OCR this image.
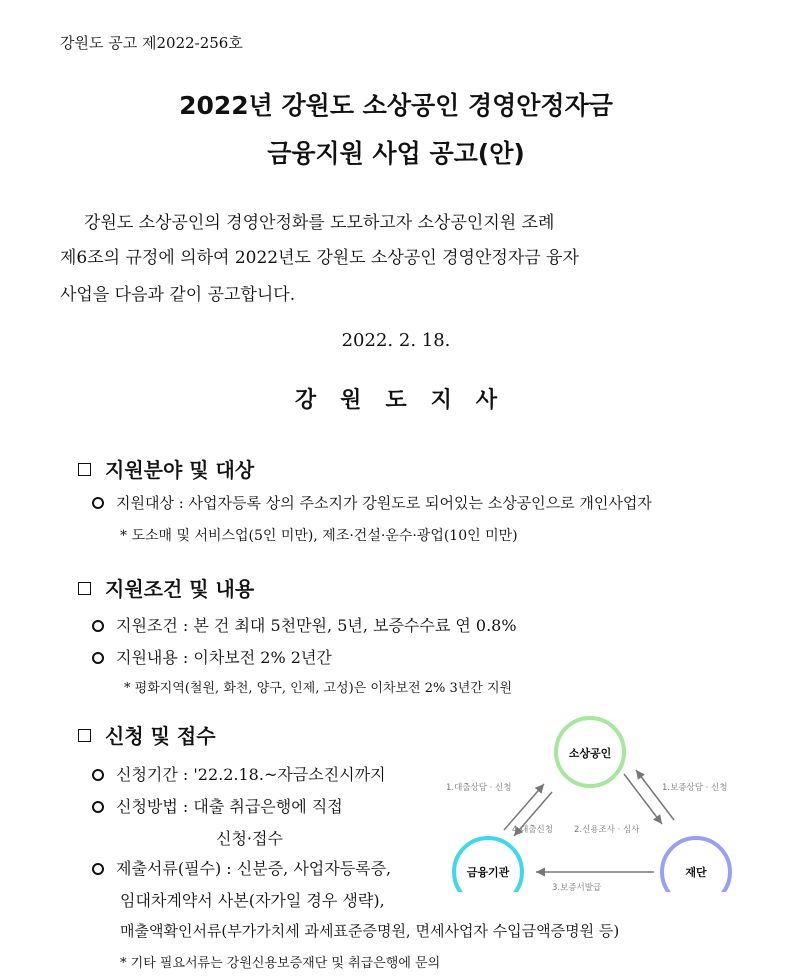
강원도 공고 제2022-256호
2022년 강원도 소상공인 경영안정자금
금융지원 사업 공고(안)
강원도 소상공인의 경영안정화를 도모하고자 소상공인지원 조례
제6조의 규정에 의하여 2022년도 강원도 소상공인 경영안정자금 융자
사업을 다음과 같이 공고합니다.
2022. 2. 18.
강원도지사
지원분야 및 대상
지원대상 : 사업자등록 상의 주소지가 강원도로 되어있는 소상공인으로 개인사업자
* 도소매 및 서비스업(5인 미만), 제조·건설·운수·광업(10인 미만)
지원조건 및 내용
지원조건 : 본 건 최대 5천만원, 5년, 보증수수료 연 0.8%
지원내용 : 이차보전 2% 2년간
* 평화지역(철원, 화천, 양구, 인제, 고성)은 이차보전 2% 3년간 지원
신청 및 접수
신청기간 : '22.2.18.~자금소진시까지
신청방법 : 대출 취급은행에 직접
신청·접수
제출서류(필수) : 신분증, 사업자등록증,
임대차계약서 사본(자가일 경우 생략),
매출액확인서류(부가가치세 과세표준증명원, 면세사업자 수입금액증명원 등)
* 기타 필요서류는 강원신용보증재단 및 취급은행에 문의
소상공인
금융기관	재단
1.대출상담 · 신청
4.대출신청
1.보증상담 · 신청
2.신용조사 · 심사
3.보증서발급
